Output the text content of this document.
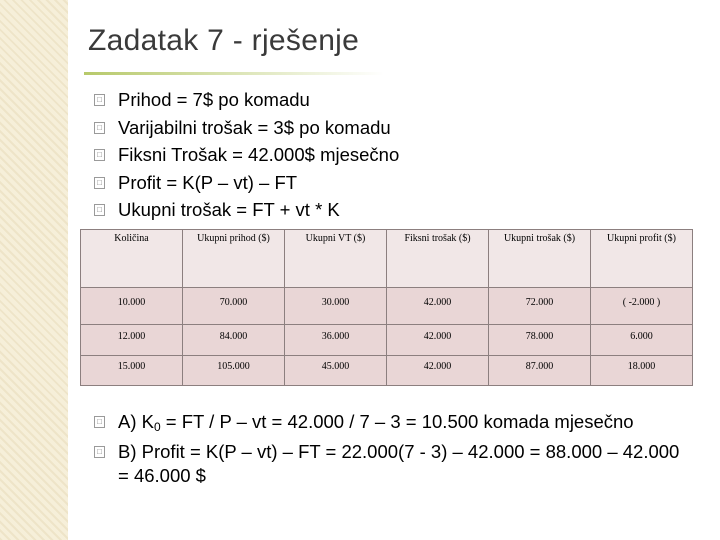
Zadatak 7 - rješenje
□ Prihod = 7$ po komadu
□ Varijabilni trošak = 3$ po komadu
□ Fiksni Trošak = 42.000$ mjesečno
□ Profit = K(P – vt) – FT
□ Ukupni trošak = FT + vt * K
Količina	Ukupni prihod ($)	Ukupni VT ($)	Fiksni trošak ($)	Ukupni trošak ($)	Ukupni profit ($)
10.000	70.000	30.000	42.000	72.000	( -2.000 )
12.000	84.000	36.000	42.000	78.000	6.000
15.000	105.000	45.000	42.000	87.000	18.000
□ A) K0 = FT / P – vt = 42.000 / 7 – 3 = 10.500 komada mjesečno
□ B) Profit = K(P – vt) – FT = 22.000(7 - 3) – 42.000 = 88.000 – 42.000 = 46.000 $
